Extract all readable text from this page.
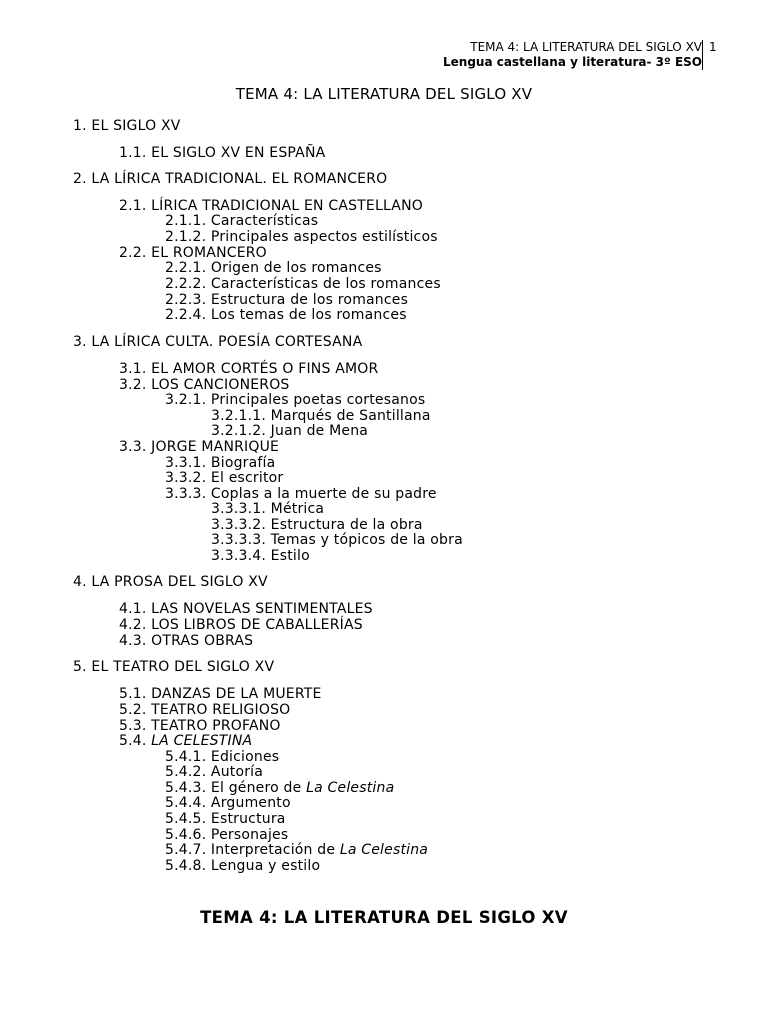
TEMA 4: LA LITERATURA DEL SIGLO XV
Lengua castellana y literatura- 3º ESO
1
TEMA 4: LA LITERATURA DEL SIGLO XV
1. EL SIGLO XV
1.1. EL SIGLO XV EN ESPAÑA
2. LA LÍRICA TRADICIONAL. EL ROMANCERO
2.1. LÍRICA TRADICIONAL EN CASTELLANO
2.1.1. Características
2.1.2. Principales aspectos estilísticos
2.2. EL ROMANCERO
2.2.1. Origen de los romances
2.2.2. Características de los romances
2.2.3. Estructura de los romances
2.2.4. Los temas de los romances
3. LA LÍRICA CULTA. POESÍA CORTESANA
3.1. EL AMOR CORTÉS O FINS AMOR
3.2. LOS CANCIONEROS
3.2.1. Principales poetas cortesanos
3.2.1.1. Marqués de Santillana
3.2.1.2. Juan de Mena
3.3. JORGE MANRIQUE
3.3.1. Biografía
3.3.2. El escritor
3.3.3. Coplas a la muerte de su padre
3.3.3.1. Métrica
3.3.3.2. Estructura de la obra
3.3.3.3. Temas y tópicos de la obra
3.3.3.4. Estilo
4. LA PROSA DEL SIGLO XV
4.1. LAS NOVELAS SENTIMENTALES
4.2. LOS LIBROS DE CABALLERÍAS
4.3. OTRAS OBRAS
5. EL TEATRO DEL SIGLO XV
5.1. DANZAS DE LA MUERTE
5.2. TEATRO RELIGIOSO
5.3. TEATRO PROFANO
5.4. LA CELESTINA
5.4.1. Ediciones
5.4.2. Autoría
5.4.3. El género de La Celestina
5.4.4. Argumento
5.4.5. Estructura
5.4.6. Personajes
5.4.7. Interpretación de La Celestina
5.4.8. Lengua y estilo
TEMA 4: LA LITERATURA DEL SIGLO XV
